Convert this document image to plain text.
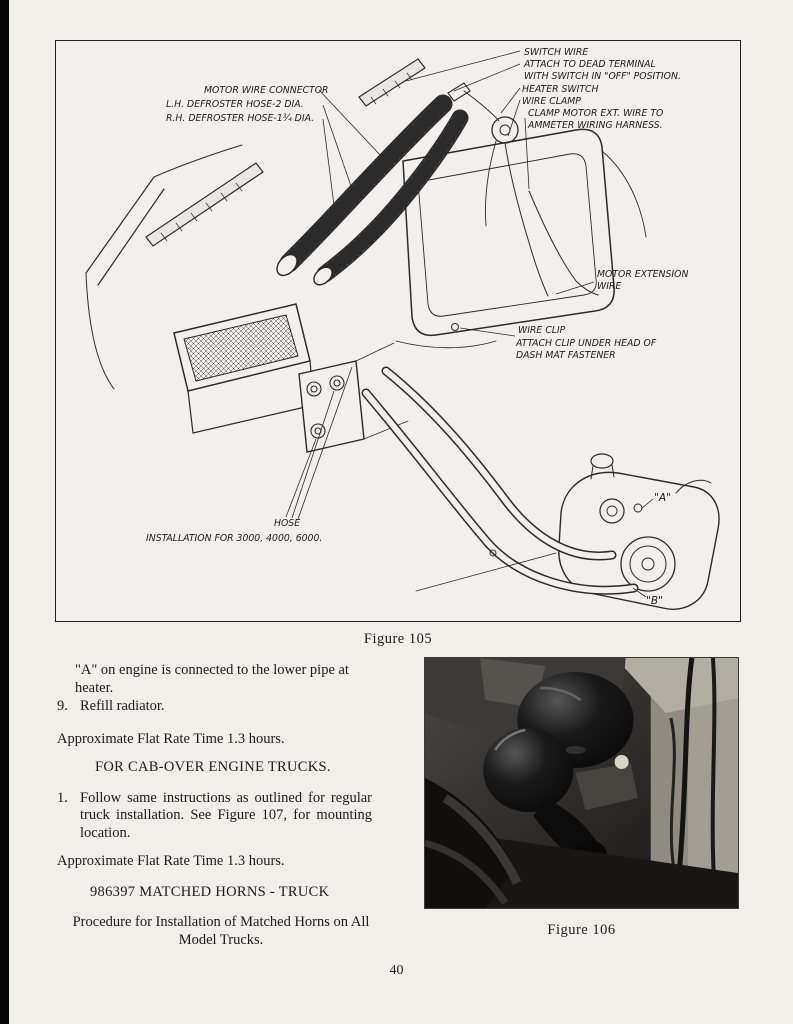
SWITCH WIRE
ATTACH TO DEAD TERMINAL
WITH SWITCH IN "OFF" POSITION.
HEATER SWITCH
WIRE CLAMP
CLAMP MOTOR EXT. WIRE TO
AMMETER WIRING HARNESS.
MOTOR WIRE CONNECTOR
L.H. DEFROSTER HOSE-2 DIA.
R.H. DEFROSTER HOSE-1¾ DIA.
MOTOR EXTENSION
WIRE
WIRE CLIP
ATTACH CLIP UNDER HEAD OF
DASH MAT FASTENER
HOSE
INSTALLATION FOR 3000, 4000, 6000.
"A"
"B"
Figure 105

"A" on engine is connected to the lower pipe at heater.

9. Refill radiator.

Approximate Flat Rate Time 1.3 hours.

FOR CAB-OVER ENGINE TRUCKS.

1. Follow same instructions as outlined for regular truck installation. See Figure 107, for mounting location.

Approximate Flat Rate Time 1.3 hours.

986397 MATCHED HORNS - TRUCK

Procedure for Installation of Matched Horns on All Model Trucks.

Figure 106
40
